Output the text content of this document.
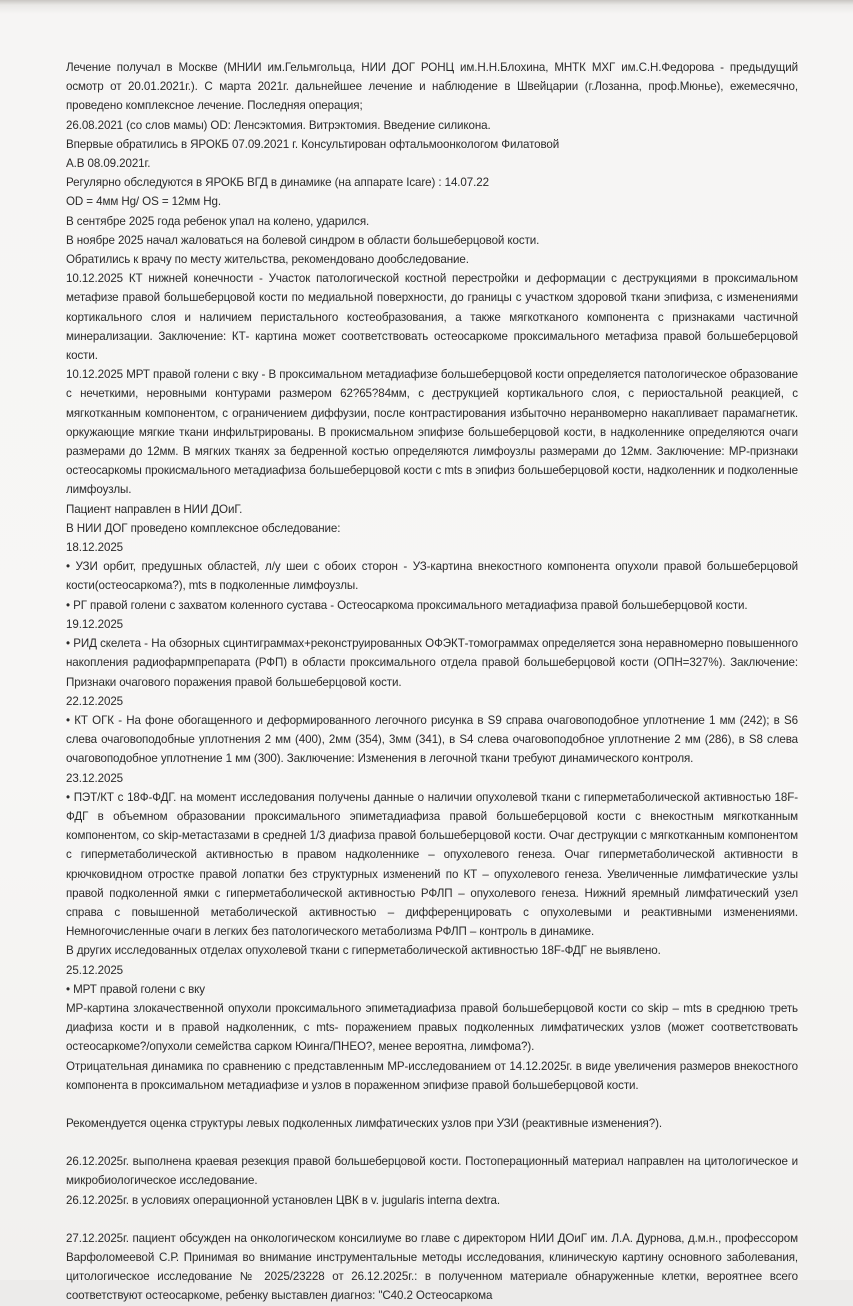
Лечение получал в Москве (МНИИ им.Гельмгольца, НИИ ДОГ РОНЦ им.Н.Н.Блохина, МНТК МХГ им.С.Н.Федорова - предыдущий осмотр от 20.01.2021г.). С марта 2021г. дальнейшее лечение и наблюдение в Швейцарии (г.Лозанна, проф.Мюнье), ежемесячно, проведено комплексное лечение. Последняя операция;

26.08.2021 (со слов мамы) OD: Ленсэктомия. Витрэктомия. Введение силикона.

Впервые обратились в ЯРОКБ 07.09.2021 г. Консультирован офтальмоонкологом Филатовой

А.В 08.09.2021г.

Регулярно обследуются в ЯРОКБ ВГД в динамике (на аппарате Icare) : 14.07.22

OD = 4мм Hg/ OS = 12мм Hg.

В сентябре 2025 года ребенок упал на колено, ударился.

В ноябре 2025 начал жаловаться на болевой синдром в области большеберцовой кости.

Обратились к врачу по месту жительства, рекомендовано дообследование.

10.12.2025 КТ нижней конечности - Участок патологической костной перестройки и деформации с деструкциями в проксимальном метафизе правой большеберцовой кости по медиальной поверхности, до границы с участком здоровой ткани эпифиза, с изменениями кортикального слоя и наличием перистального костеобразования, а также мягкотканого компонента с признаками частичной минерализации. Заключение: КТ- картина может соответствовать остеосаркоме проксимального метафиза правой большеберцовой кости.

10.12.2025 МРТ правой голени с вку - В проксимальном метадиафизе большеберцовой кости определяется патологическое образование с нечеткими, неровными контурами размером 62?65?84мм, с деструкцией кортикального слоя, с периостальной реакцией, с мягкотканным компонентом, с ограничением диффузии, после контрастирования избыточно неранвомерно накапливает парамагнетик. оркужающие мягкие ткани инфильтрированы. В прокисмальном эпифизе большеберцовой кости, в надколеннике определяются очаги размерами до 12мм. В мягких тканях за бедренной костью определяются лимфоузлы размерами до 12мм. Заключение: МР-признаки остеосаркомы прокисмального метадиафиза большеберцовой кости с mts в эпифиз большеберцовой кости, надколенник и подколенные лимфоузлы.

Пациент направлен в НИИ ДОиГ.

В НИИ ДОГ проведено комплексное обследование:

18.12.2025

• УЗИ орбит, предушных областей, л/у шеи с обоих сторон - УЗ-картина внекостного компонента опухоли правой большеберцовой кости(остеосаркома?), mts в подколенные лимфоузлы.

• РГ правой голени с захватом коленного сустава - Остеосаркома проксимального метадиафиза правой большеберцовой кости.

19.12.2025

• РИД скелета - На обзорных сцинтиграммах+реконструированных ОФЭКТ-томограммах определяется зона неравномерно повышенного накопления радиофармпрепарата (РФП) в области проксимального отдела правой большеберцовой кости (ОПН=327%). Заключение: Признаки очагового поражения правой большеберцовой кости.

22.12.2025

• КТ ОГК - На фоне обогащенного и деформированного легочного рисунка в S9 справа очаговоподобное уплотнение 1 мм (242); в S6 слева очаговоподобные уплотнения 2 мм (400), 2мм (354), 3мм (341), в S4 слева очаговоподобное уплотнение 2 мм (286), в S8 слева очаговоподобное уплотнение 1 мм (300). Заключение: Изменения в легочной ткани требуют динамического контроля.

23.12.2025

• ПЭТ/КТ с 18Ф-ФДГ. на момент исследования получены данные о наличии опухолевой ткани с гиперметаболической активностью 18F-ФДГ в объемном образовании проксимального эпиметадиафиза правой большеберцовой кости с внекостным мягкотканным компонентом, со skip-метастазами в средней 1/3 диафиза правой большеберцовой кости. Очаг деструкции с мягкотканным компонентом с гиперметаболической активностью в правом надколеннике – опухолевого генеза. Очаг гиперметаболической активности в крючковидном отростке правой лопатки без структурных изменений по КТ – опухолевого генеза. Увеличенные лимфатические узлы правой подколенной ямки с гиперметаболической активностью РФЛП – опухолевого генеза. Нижний яремный лимфатический узел справа с повышенной метаболической активностью – дифференцировать с опухолевыми и реактивными изменениями. Немногочисленные очаги в легких без патологического метаболизма РФЛП – контроль в динамике.

В других исследованных отделах опухолевой ткани с гиперметаболической активностью 18F-ФДГ не выявлено.

25.12.2025

• МРТ правой голени с вку

МР-картина злокачественной опухоли проксимального эпиметадиафиза правой большеберцовой кости со skip – mts в среднюю треть диафиза кости и в правой надколенник, с mts- поражением правых подколенных лимфатических узлов (может соответствовать остеосаркоме?/опухоли семейства сарком Юинга/ПНЕО?, менее вероятна, лимфома?).

Отрицательная динамика по сравнению с представленным МР-исследованием от 14.12.2025г. в виде увеличения размеров внекостного компонента в проксимальном метадиафизе и узлов в пораженном эпифизе правой большеберцовой кости.

Рекомендуется оценка структуры левых подколенных лимфатических узлов при УЗИ (реактивные изменения?).

26.12.2025г. выполнена краевая резекция правой большеберцовой кости. Постоперационный материал направлен на цитологическое и микробиологическое исследование.

26.12.2025г. в условиях операционной установлен ЦВК в v. jugularis interna dextra.

27.12.2025г. пациент обсужден на онкологическом консилиуме во главе с директором НИИ ДОиГ им. Л.А. Дурнова, д.м.н., профессором Варфоломеевой С.Р. Принимая во внимание инструментальные методы исследования, клиническую картину основного заболевания, цитологическое исследование № 2025/23228 от 26.12.2025г.: в полученном материале обнаруженные клетки, вероятнее всего соответствуют остеосаркоме, ребенку выставлен диагноз: "С40.2 Остеосаркома
